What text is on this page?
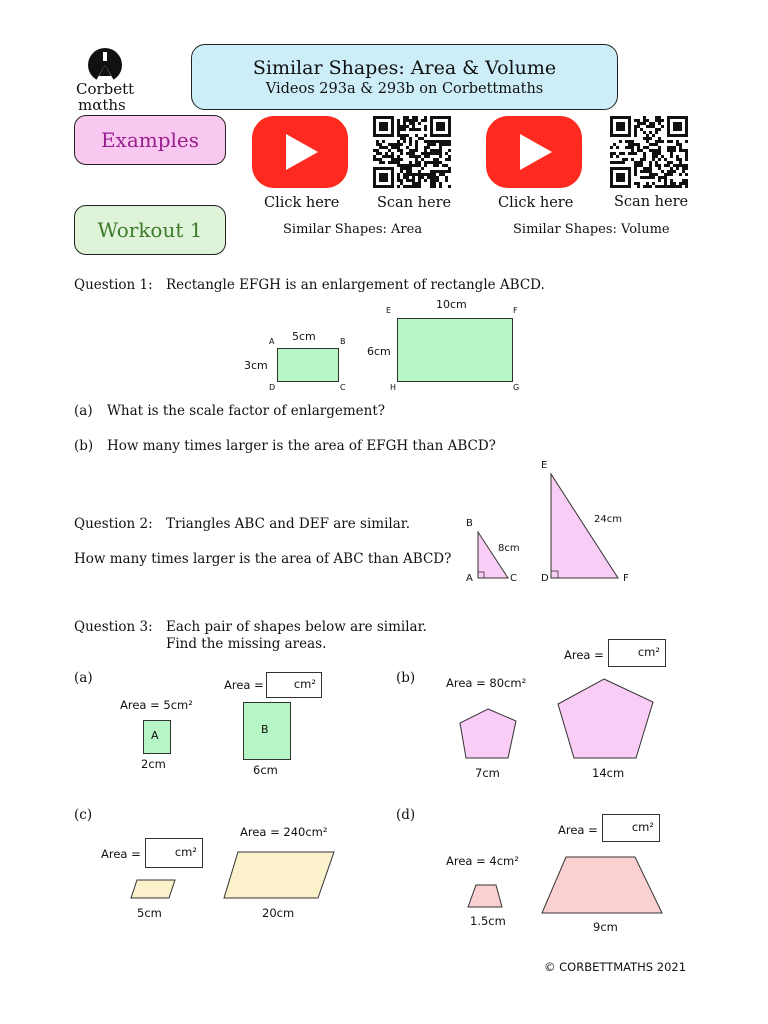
Corbett
mαths
Similar Shapes: Area & Volume
Videos 293a & 293b on Corbettmaths
Examples
Workout 1
Click here	Scan here
Similar Shapes: Area
Click here	Scan here
Similar Shapes: Volume
Question 1: Rectangle EFGH is an enlargement of rectangle ABCD.
A	B
D	C
5cm
3cm
E	F
H	G
10cm
6cm
(a) What is the scale factor of enlargement?
(b) How many times larger is the area of EFGH than ABCD?
Question 2: Triangles ABC and DEF are similar.
How many times larger is the area of ABC than ABCD?
B
A	C
8cm
E
D	F
24cm
Question 3: Each pair of shapes below are similar.
Find the missing areas.
(a)
Area = 5cm²
Area =	cm²
A	B
2cm	6cm
(b)
Area =	cm²
Area = 80cm²
7cm	14cm
(c)
Area = 240cm²
Area =	cm²
5cm	20cm
(d)
Area =	cm²
Area = 4cm²
1.5cm	9cm
© CORBETTMATHS 2021
